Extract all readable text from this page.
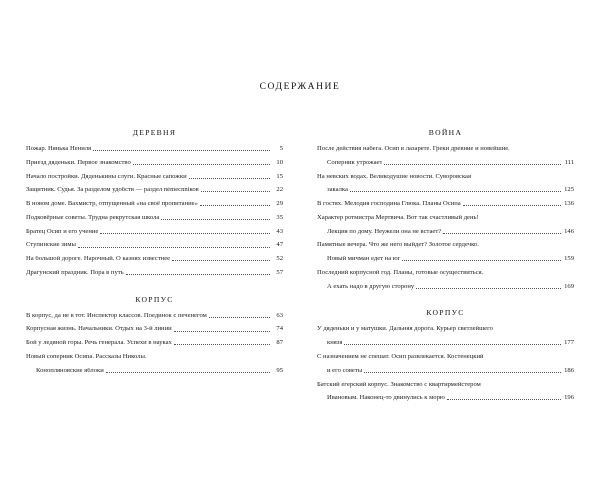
СОДЕРЖАНИЕ
ДЕРЕВНЯ
Пожар. Нянька Нениля	5
Приезд дяденьки. Первое знакомство	10
Начало постройки. Дяденькины слуги. Красные сапожки	15
Защитник. Судья. За разделом удобств — раздел némecnniков	22
В новом доме. Вахмистр, отпущенный «на своё пропитание»	29
Подковёрные советы. Трудна рекрутская школа	35
Братец Осип и его учение	43
Ступинские зимы	47
На большой дороге. Нарочный. О казнях известнее	52
Драгунский праздник. Пора в путь	57
КОРПУС
В корпус, да не в тот. Инспектор классов. Поединок с печенегом	63
Корпусная жизнь. Начальники. Отдых на 3-й линии	74
Бой у ледяной горы. Речь генерала. Успехи в науках	87
Новый соперник Осипа. Рассказы Николы.
Конопляновские яблоки	95
ВОЙНА
После действия набега. Осип в лазарете. Греки древние и новейшие.
Соперник утрожает	111
На невских водах. Великодушие новости. Суворовская
закалка	125
В гостях. Мелодия господина Глюка. Планы Осипа	136
Характер ротмистра Мертвича. Вот так счастливый день!
Лекция по дому. Неужели она не встает?	146
Памятные вечера. Что же него выйдет? Золотое сердечко.
Новый мичман едет на юг	159
Последний корпусной год. Планы, готовые осуществиться.
А ехать надо в другую сторону	169
КОРПУС
У дяденьки и у матушки. Дальняя дорога. Курьер светлейшего
князя	177
С назначением не спешат. Осип развлекается. Костенецкий
и его советы	186
Батский егерский корпус. Знакомство с квартирмейстером
Ивановым. Наконец-то двинулись к морю	196
